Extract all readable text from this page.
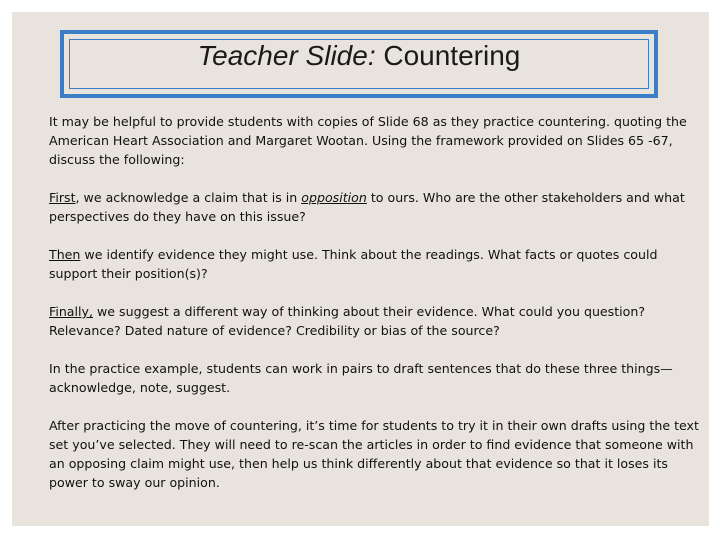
Teacher Slide: Countering

It may be helpful to provide students with copies of Slide 68 as they practice countering. quoting the American Heart Association and Margaret Wootan. Using the framework provided on Slides 65 -67, discuss the following:

First, we acknowledge a claim that is in opposition to ours. Who are the other stakeholders and what perspectives do they have on this issue?

Then we identify evidence they might use. Think about the readings. What facts or quotes could support their position(s)?

Finally, we suggest a different way of thinking about their evidence. What could you question? Relevance? Dated nature of evidence? Credibility or bias of the source?

In the practice example, students can work in pairs to draft sentences that do these three things—acknowledge, note, suggest.

After practicing the move of countering, it’s time for students to try it in their own drafts using the text set you’ve selected. They will need to re-scan the articles in order to find evidence that someone with an opposing claim might use, then help us think differently about that evidence so that it loses its power to sway our opinion.
